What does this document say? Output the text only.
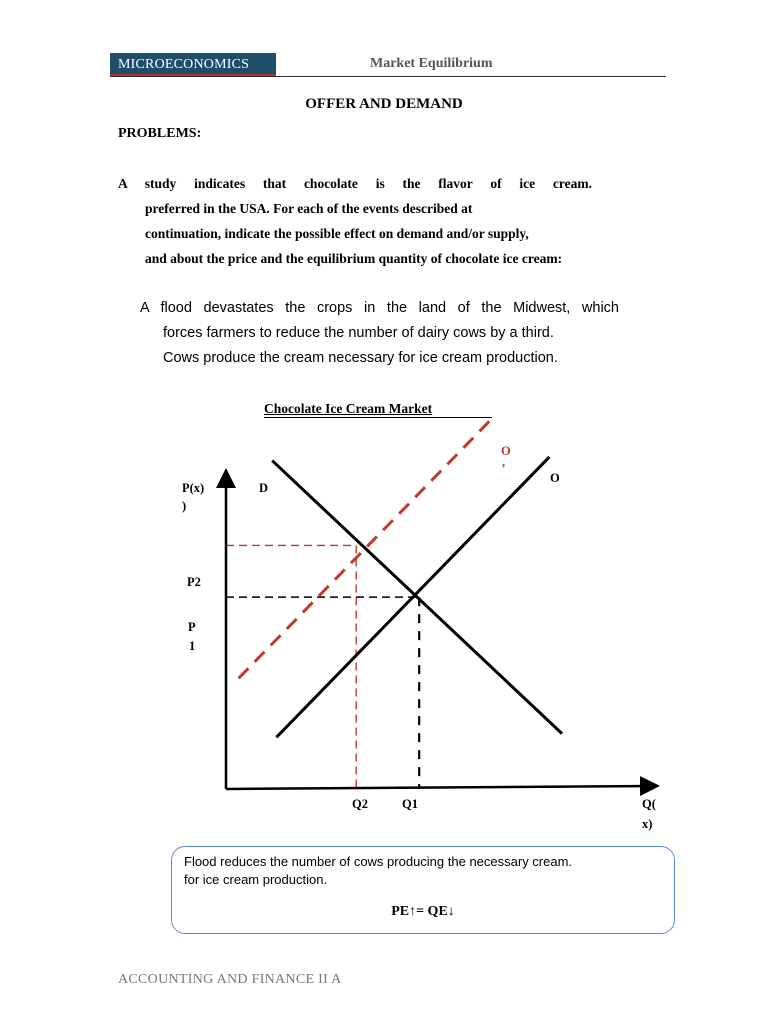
MICROECONOMICS	Market Equilibrium
OFFER AND DEMAND
PROBLEMS:
A study indicates that chocolate is the flavor of ice cream.
preferred in the USA. For each of the events described at
continuation, indicate the possible effect on demand and/or supply,
and about the price and the equilibrium quantity of chocolate ice cream:
A flood devastates the crops in the land of the Midwest, which
forces farmers to reduce the number of dairy cows by a third.
Cows produce the cream necessary for ice cream production.
Chocolate Ice Cream Market
P(x)
)
Q(
x)
D
O
O
,
P2
P
1
Q2	Q1
Flood reduces the number of cows producing the necessary cream.
for ice cream production.
PE↑= QE↓
ACCOUNTING AND FINANCE II A
